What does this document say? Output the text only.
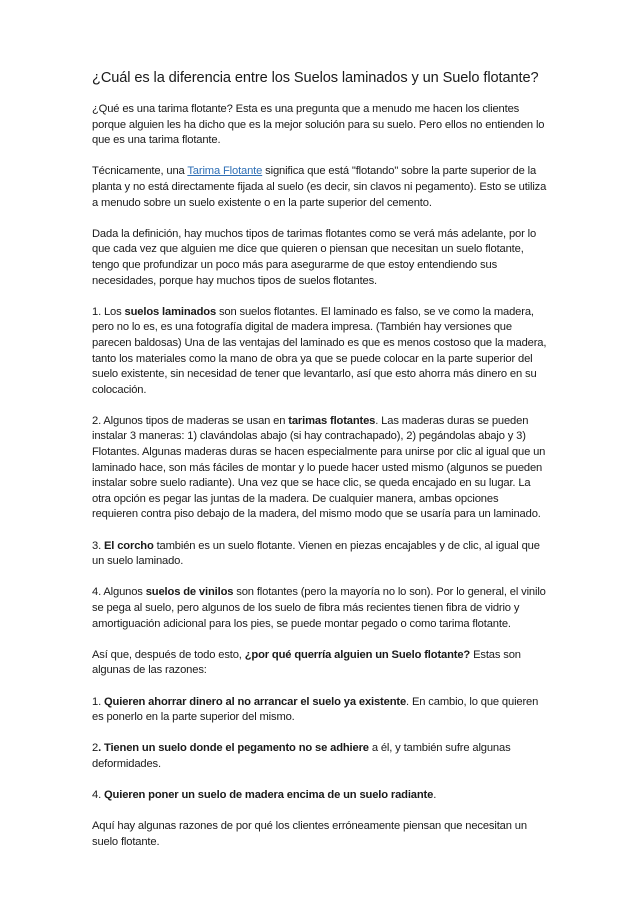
¿Cuál es la diferencia entre los Suelos laminados y un Suelo flotante?

¿Qué es una tarima flotante? Esta es una pregunta que a menudo me hacen los clientes porque alguien les ha dicho que es la mejor solución para su suelo. Pero ellos no entienden lo que es una tarima flotante.

Técnicamente, una Tarima Flotante significa que está "flotando" sobre la parte superior de la planta y no está directamente fijada al suelo (es decir, sin clavos ni pegamento). Esto se utiliza a menudo sobre un suelo existente o en la parte superior del cemento.

Dada la definición, hay muchos tipos de tarimas flotantes como se verá más adelante, por lo que cada vez que alguien me dice que quieren o piensan que necesitan un suelo flotante, tengo que profundizar un poco más para asegurarme de que estoy entendiendo sus necesidades, porque hay muchos tipos de suelos flotantes.

1. Los suelos laminados son suelos flotantes. El laminado es falso, se ve como la madera, pero no lo es, es una fotografía digital de madera impresa. (También hay versiones que parecen baldosas) Una de las ventajas del laminado es que es menos costoso que la madera, tanto los materiales como la mano de obra ya que se puede colocar en la parte superior del suelo existente, sin necesidad de tener que levantarlo, así que esto ahorra más dinero en su colocación.

2. Algunos tipos de maderas se usan en tarimas flotantes. Las maderas duras se pueden instalar 3 maneras: 1) clavándolas abajo (si hay contrachapado), 2) pegándolas abajo y 3) Flotantes. Algunas maderas duras se hacen especialmente para unirse por clic al igual que un laminado hace, son más fáciles de montar y lo puede hacer usted mismo (algunos se pueden instalar sobre suelo radiante). Una vez que se hace clic, se queda encajado en su lugar. La otra opción es pegar las juntas de la madera. De cualquier manera, ambas opciones requieren contra piso debajo de la madera, del mismo modo que se usaría para un laminado.

3. El corcho también es un suelo flotante. Vienen en piezas encajables y de clic, al igual que un suelo laminado.

4. Algunos suelos de vinilos son flotantes (pero la mayoría no lo son). Por lo general, el vinilo se pega al suelo, pero algunos de los suelo de fibra más recientes tienen fibra de vidrio y amortiguación adicional para los pies, se puede montar pegado o como tarima flotante.

Así que, después de todo esto, ¿por qué querría alguien un Suelo flotante? Estas son algunas de las razones:

1. Quieren ahorrar dinero al no arrancar el suelo ya existente. En cambio, lo que quieren es ponerlo en la parte superior del mismo.

2. Tienen un suelo donde el pegamento no se adhiere a él, y también sufre algunas deformidades.

4. Quieren poner un suelo de madera encima de un suelo radiante.

Aquí hay algunas razones de por qué los clientes erróneamente piensan que necesitan un suelo flotante.
